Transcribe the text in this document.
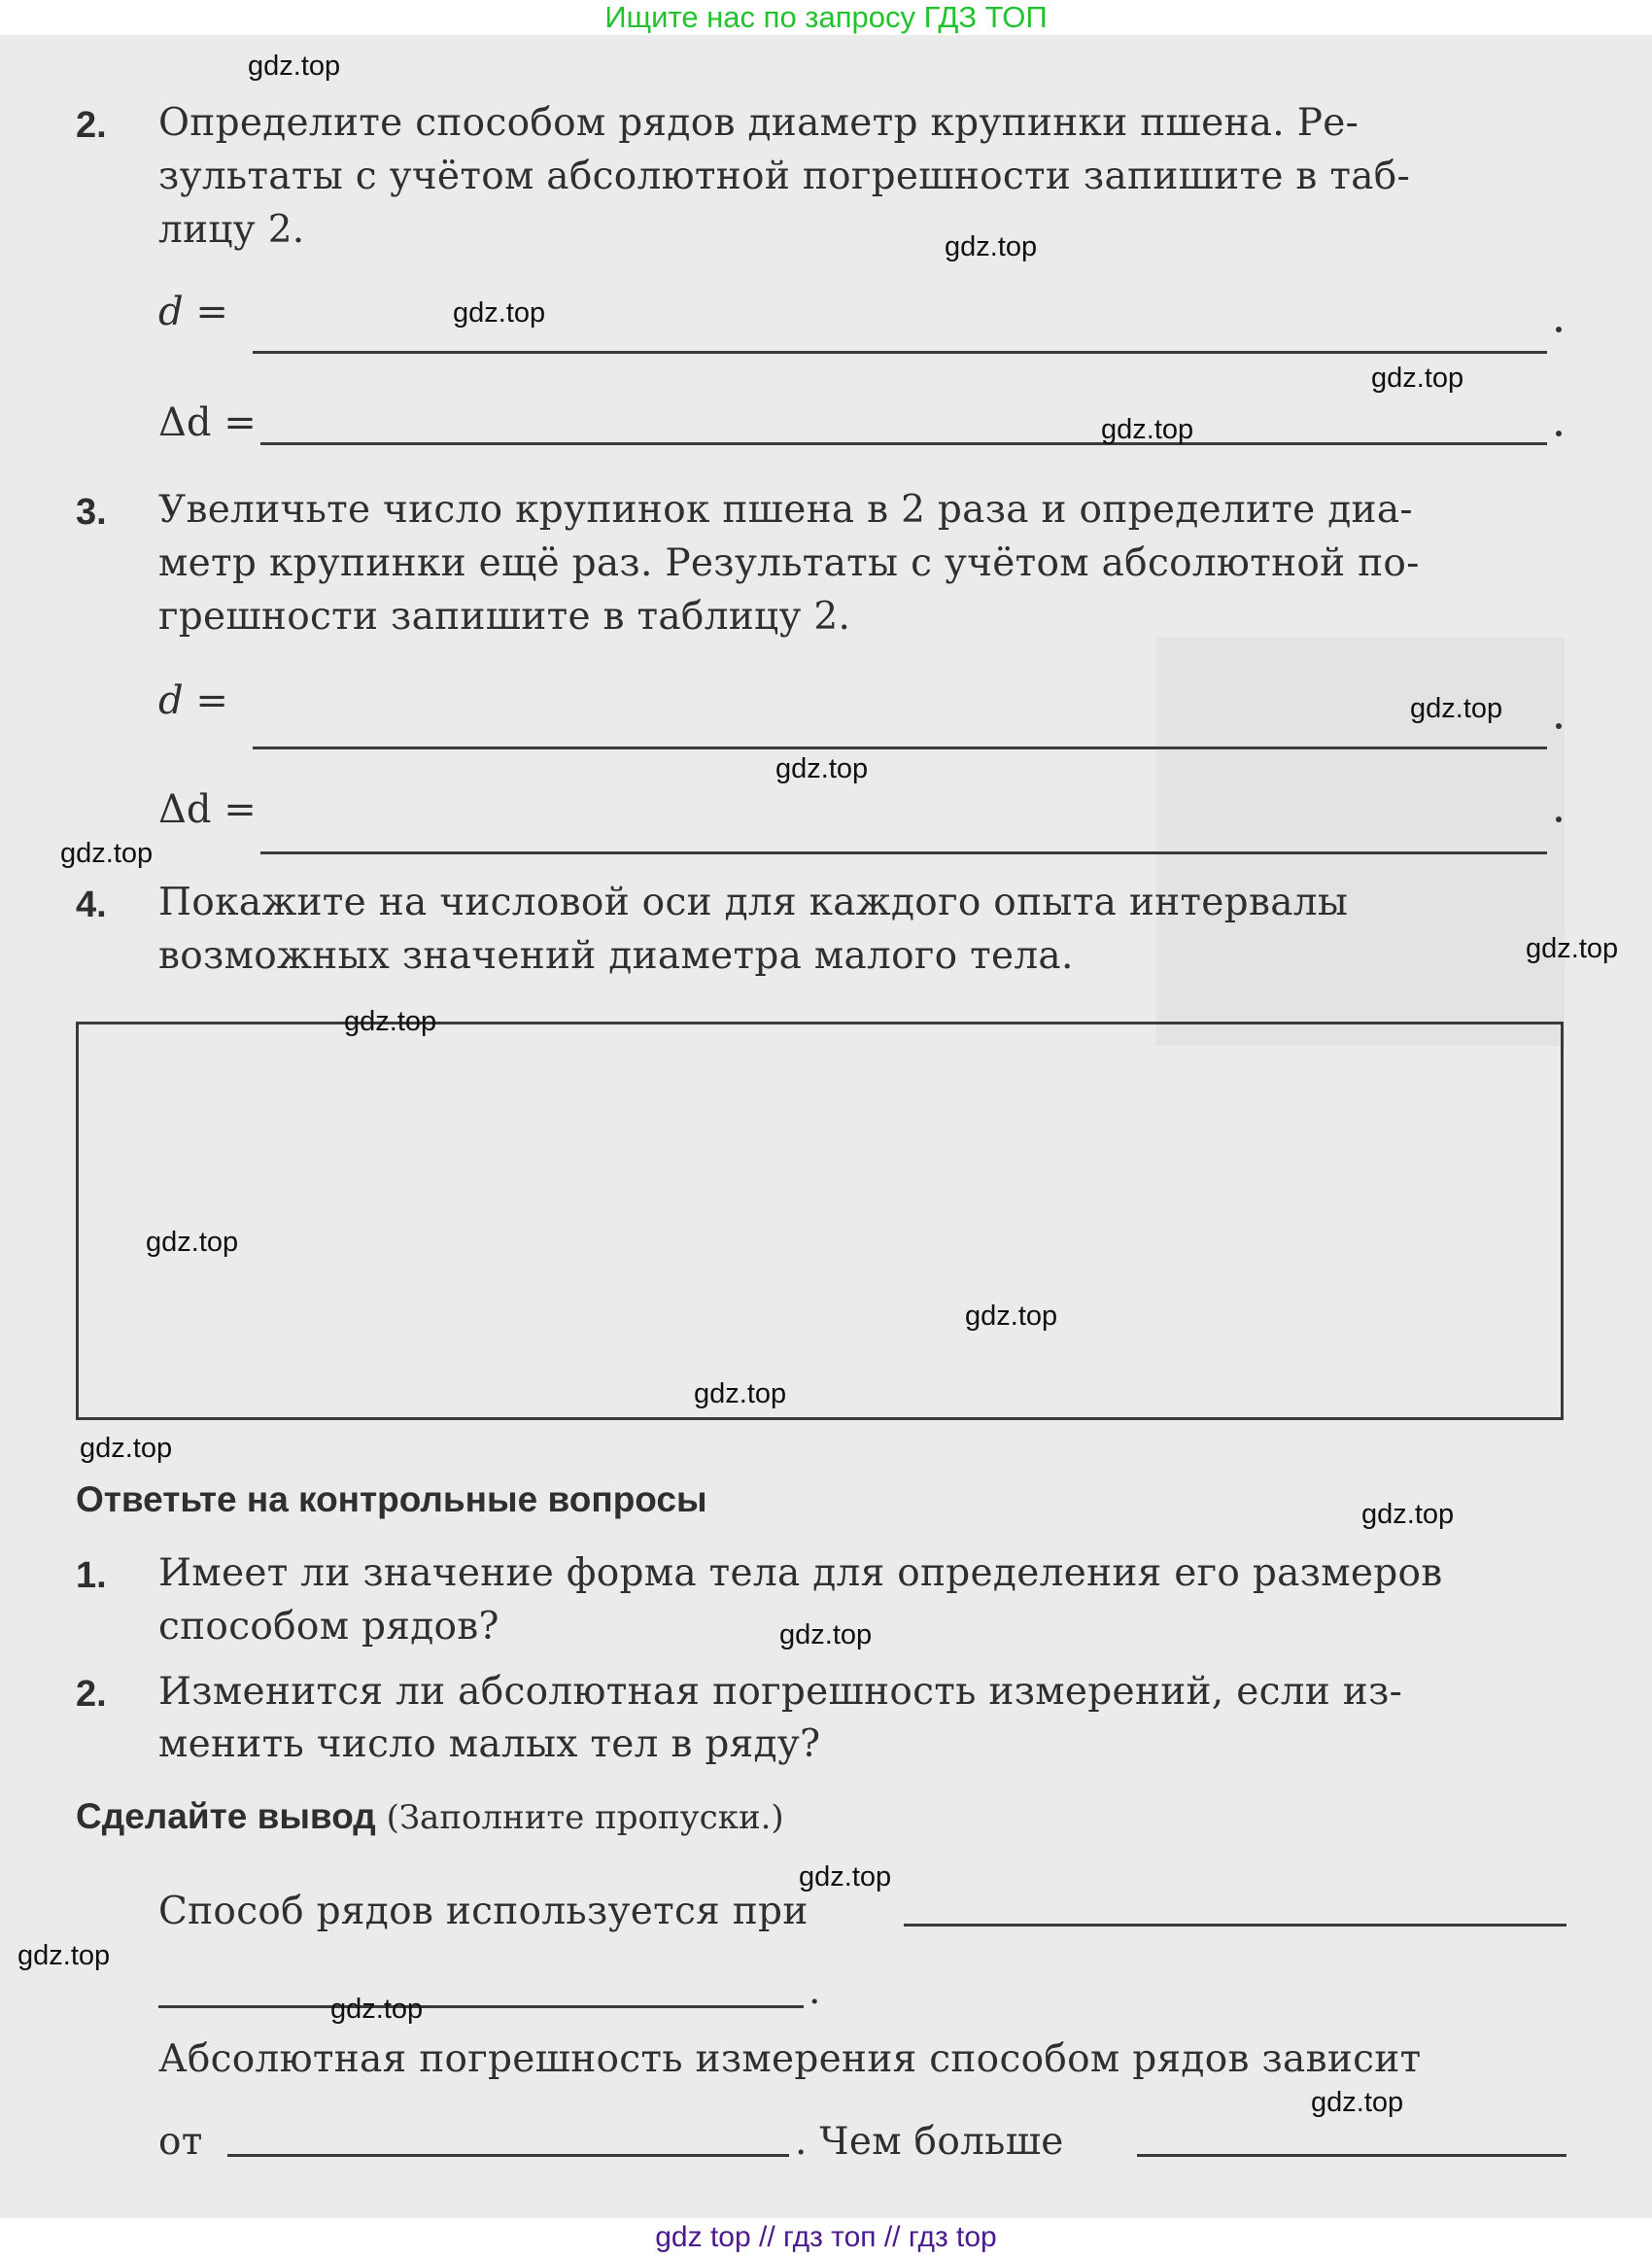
Ищите нас по запросу ГДЗ ТОП
2. Определите способом рядов диаметр крупинки пшена. Ре-
зультаты с учётом абсолютной погрешности запишите в таб-
лицу 2.
d =
Δd =
3. Увеличьте число крупинок пшена в 2 раза и определите диа-
метр крупинки ещё раз. Результаты с учётом абсолютной по-
грешности запишите в таблицу 2.
d =
Δd =
4. Покажите на числовой оси для каждого опыта интервалы
возможных значений диаметра малого тела.
Ответьте на контрольные вопросы
1. Имеет ли значение форма тела для определения его размеров
способом рядов?
2. Изменится ли абсолютная погрешность измерений, если из-
менить число малых тел в ряду?
Сделайте вывод (Заполните пропуски.)
Способ рядов используется при
.
Абсолютная погрешность измерения способом рядов зависит
от	. Чем больше
gdz.top
gdz.top
gdz.top
gdz.top
gdz.top
gdz.top
gdz.top
gdz.top
gdz.top
gdz.top
gdz.top
gdz.top
gdz.top
gdz.top
gdz.top
gdz.top
gdz.top
gdz.top
gdz.top
gdz.top
gdz top // гдз топ // гдз top
